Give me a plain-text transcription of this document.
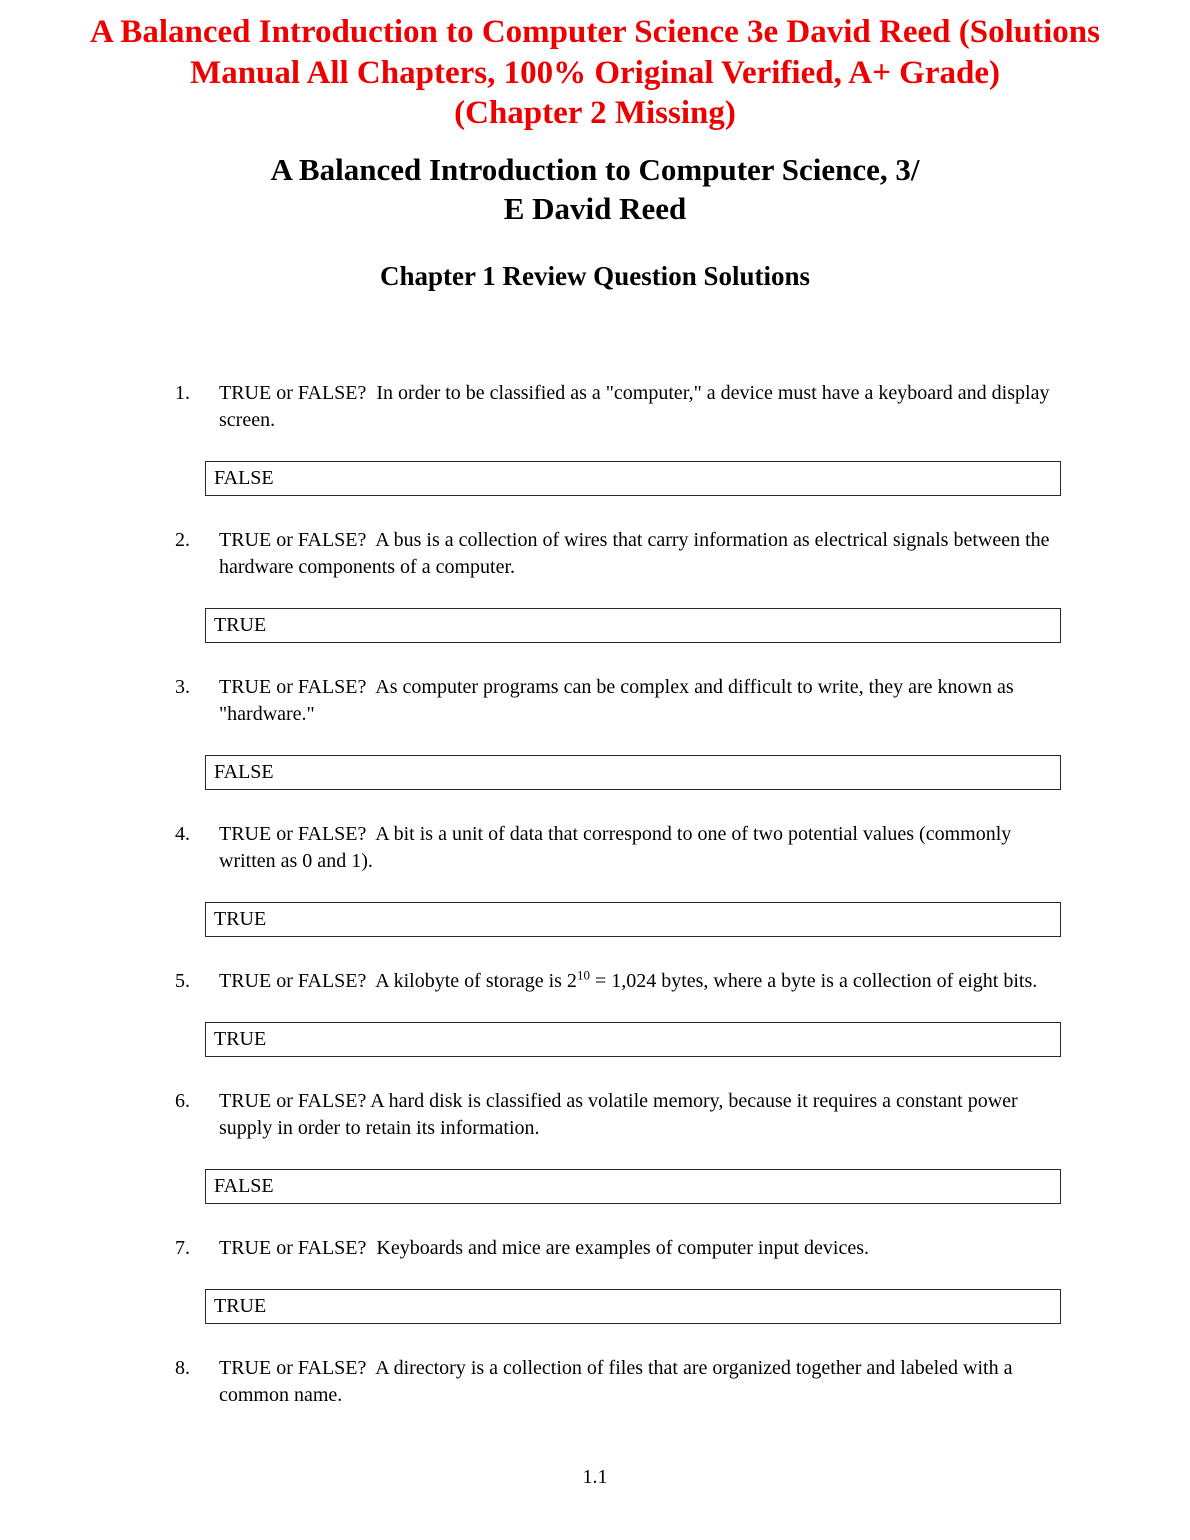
A Balanced Introduction to Computer Science 3e David Reed (Solutions
Manual All Chapters, 100% Original Verified, A+ Grade)
(Chapter 2 Missing)
A Balanced Introduction to Computer Science, 3/
E David Reed
Chapter 1 Review Question Solutions
1.	TRUE or FALSE?  In order to be classified as a "computer," a device must have a keyboard and display screen.
FALSE
2.	TRUE or FALSE?  A bus is a collection of wires that carry information as electrical signals between the hardware components of a computer.
TRUE
3.	TRUE or FALSE?  As computer programs can be complex and difficult to write, they are known as "hardware."
FALSE
4.	TRUE or FALSE?  A bit is a unit of data that correspond to one of two potential values (commonly written as 0 and 1).
TRUE
5.	TRUE or FALSE?  A kilobyte of storage is $2^{10} = 1,024$ bytes, where a byte is a collection of eight bits.
TRUE
6.	TRUE or FALSE? A hard disk is classified as volatile memory, because it requires a constant power supply in order to retain its information.
FALSE
7.	TRUE or FALSE?  Keyboards and mice are examples of computer input devices.
TRUE
8.	TRUE or FALSE?  A directory is a collection of files that are organized together and labeled with a common name.
1.1
